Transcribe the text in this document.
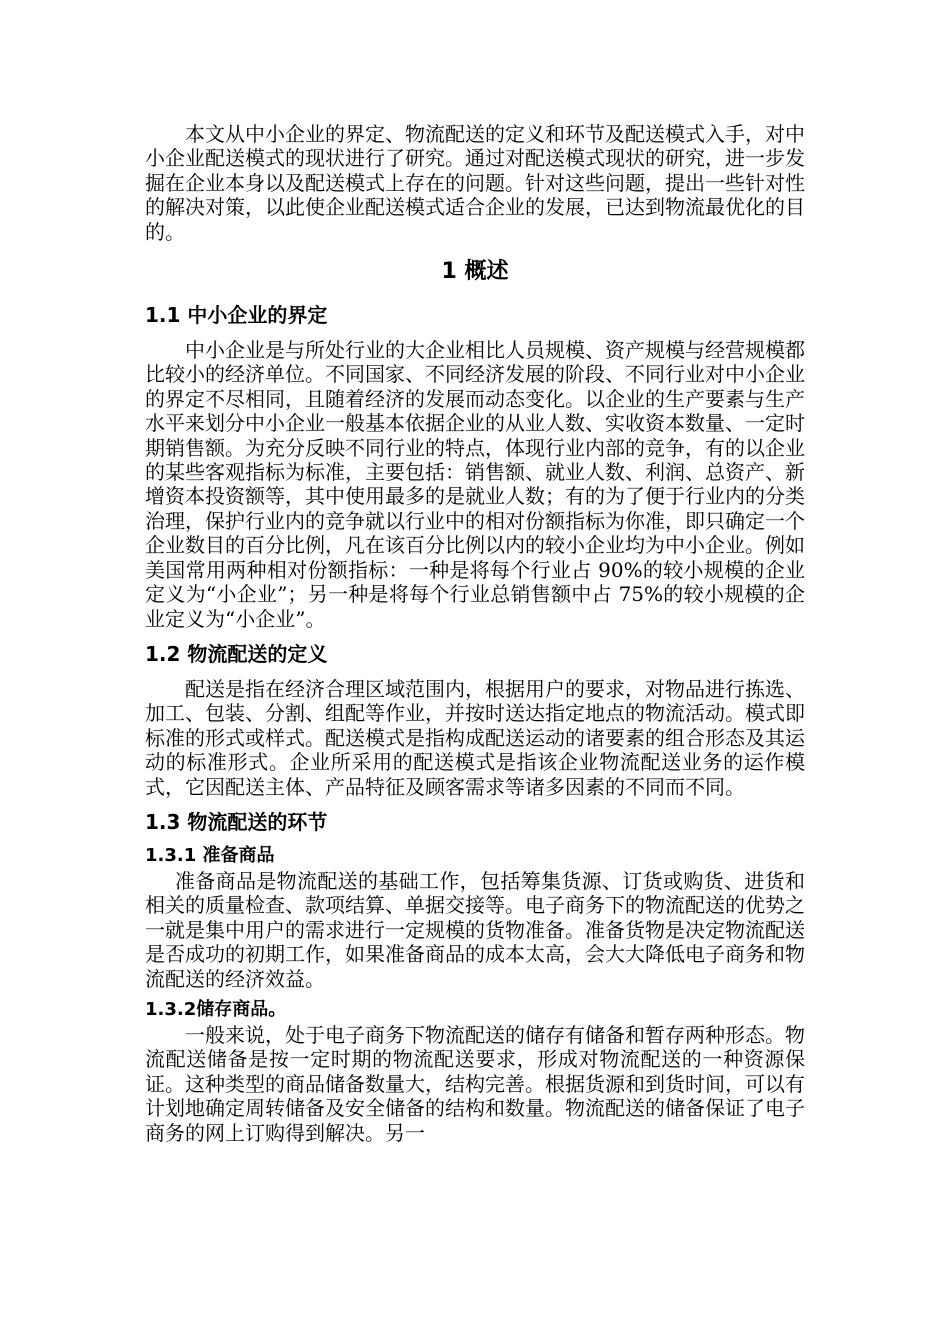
本文从中小企业的界定、物流配送的定义和环节及配送模式入手，对中小企业配送模式的现状进行了研究。通过对配送模式现状的研究，进一步发掘在企业本身以及配送模式上存在的问题。针对这些问题，提出一些针对性的解决对策，以此使企业配送模式适合企业的发展，已达到物流最优化的目的。

1 概述
1.1 中小企业的界定

中小企业是与所处行业的大企业相比人员规模、资产规模与经营规模都比较小的经济单位。不同国家、不同经济发展的阶段、不同行业对中小企业的界定不尽相同，且随着经济的发展而动态变化。以企业的生产要素与生产水平来划分中小企业一般基本依据企业的从业人数、实收资本数量、一定时期销售额。为充分反映不同行业的特点，体现行业内部的竞争，有的以企业的某些客观指标为标准，主要包括：销售额、就业人数、利润、总资产、新增资本投资额等，其中使用最多的是就业人数；有的为了便于行业内的分类治理，保护行业内的竞争就以行业中的相对份额指标为你准，即只确定一个企业数目的百分比例，凡在该百分比例以内的较小企业均为中小企业。例如美国常用两种相对份额指标：一种是将每个行业占 90%的较小规模的企业定义为“小企业”；另一种是将每个行业总销售额中占 75%的较小规模的企业定义为“小企业”。

1.2 物流配送的定义

配送是指在经济合理区域范围内，根据用户的要求，对物品进行拣选、加工、包装、分割、组配等作业，并按时送达指定地点的物流活动。模式即标准的形式或样式。配送模式是指构成配送运动的诸要素的组合形态及其运动的标准形式。企业所采用的配送模式是指该企业物流配送业务的运作模式，它因配送主体、产品特征及顾客需求等诸多因素的不同而不同。

1.3 物流配送的环节
1.3.1 准备商品

准备商品是物流配送的基础工作，包括筹集货源、订货或购货、进货和相关的质量检查、款项结算、单据交接等。电子商务下的物流配送的优势之一就是集中用户的需求进行一定规模的货物准备。准备货物是决定物流配送是否成功的初期工作，如果准备商品的成本太高，会大大降低电子商务和物流配送的经济效益。

1.3.2储存商品。

一般来说，处于电子商务下物流配送的储存有储备和暂存两种形态。物流配送储备是按一定时期的物流配送要求，形成对物流配送的一种资源保证。这种类型的商品储备数量大，结构完善。根据货源和到货时间，可以有计划地确定周转储备及安全储备的结构和数量。物流配送的储备保证了电子商务的网上订购得到解决。另一
